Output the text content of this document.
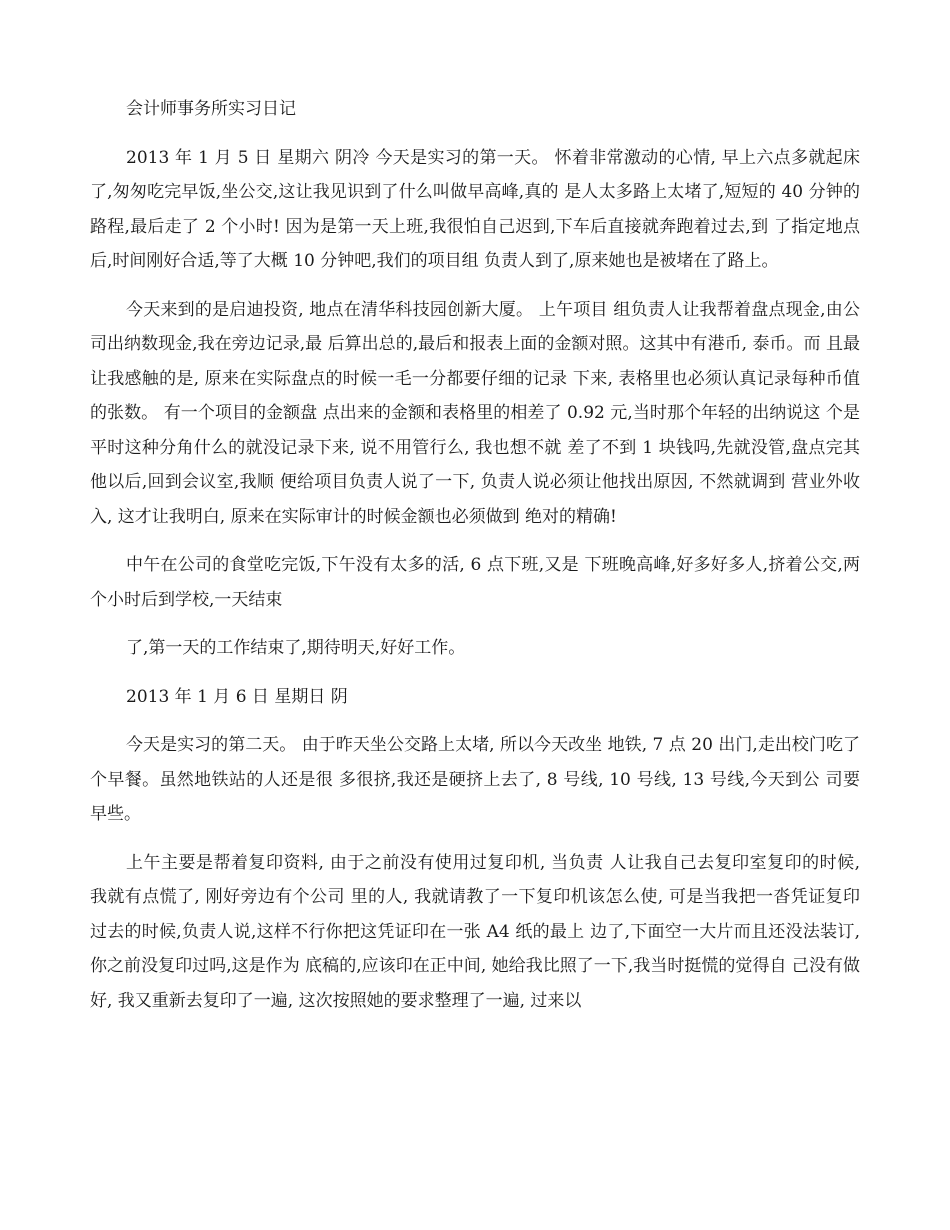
会计师事务所实习日记

2013 年 1 月 5 日 星期六 阴冷 今天是实习的第一天。 怀着非常激动的心情, 早上六点多就起床 了,匆匆吃完早饭,坐公交,这让我见识到了什么叫做早高峰,真的 是人太多路上太堵了,短短的 40 分钟的路程,最后走了 2 个小时! 因为是第一天上班,我很怕自己迟到,下车后直接就奔跑着过去,到 了指定地点后,时间刚好合适,等了大概 10 分钟吧,我们的项目组 负责人到了,原来她也是被堵在了路上。

今天来到的是启迪投资, 地点在清华科技园创新大厦。 上午项目 组负责人让我帮着盘点现金,由公司出纳数现金,我在旁边记录,最 后算出总的,最后和报表上面的金额对照。这其中有港币, 泰币。而 且最让我感触的是, 原来在实际盘点的时候一毛一分都要仔细的记录 下来, 表格里也必须认真记录每种币值的张数。 有一个项目的金额盘 点出来的金额和表格里的相差了 0.92 元,当时那个年轻的出纳说这 个是平时这种分角什么的就没记录下来, 说不用管行么, 我也想不就 差了不到 1 块钱吗,先就没管,盘点完其他以后,回到会议室,我顺 便给项目负责人说了一下, 负责人说必须让他找出原因, 不然就调到 营业外收入, 这才让我明白, 原来在实际审计的时候金额也必须做到 绝对的精确!

中午在公司的食堂吃完饭,下午没有太多的活, 6 点下班,又是 下班晚高峰,好多好多人,挤着公交,两个小时后到学校,一天结束

了,第一天的工作结束了,期待明天,好好工作。

2013 年 1 月 6 日 星期日 阴

今天是实习的第二天。 由于昨天坐公交路上太堵, 所以今天改坐 地铁, 7 点 20 出门,走出校门吃了个早餐。虽然地铁站的人还是很 多很挤,我还是硬挤上去了, 8 号线, 10 号线, 13 号线,今天到公 司要早些。

上午主要是帮着复印资料, 由于之前没有使用过复印机, 当负责 人让我自己去复印室复印的时候, 我就有点慌了, 刚好旁边有个公司 里的人, 我就请教了一下复印机该怎么使, 可是当我把一沓凭证复印 过去的时候,负责人说,这样不行你把这凭证印在一张 A4 纸的最上 边了,下面空一大片而且还没法装订,你之前没复印过吗,这是作为 底稿的,应该印在正中间, 她给我比照了一下,我当时挺慌的觉得自 己没有做好, 我又重新去复印了一遍, 这次按照她的要求整理了一遍, 过来以
